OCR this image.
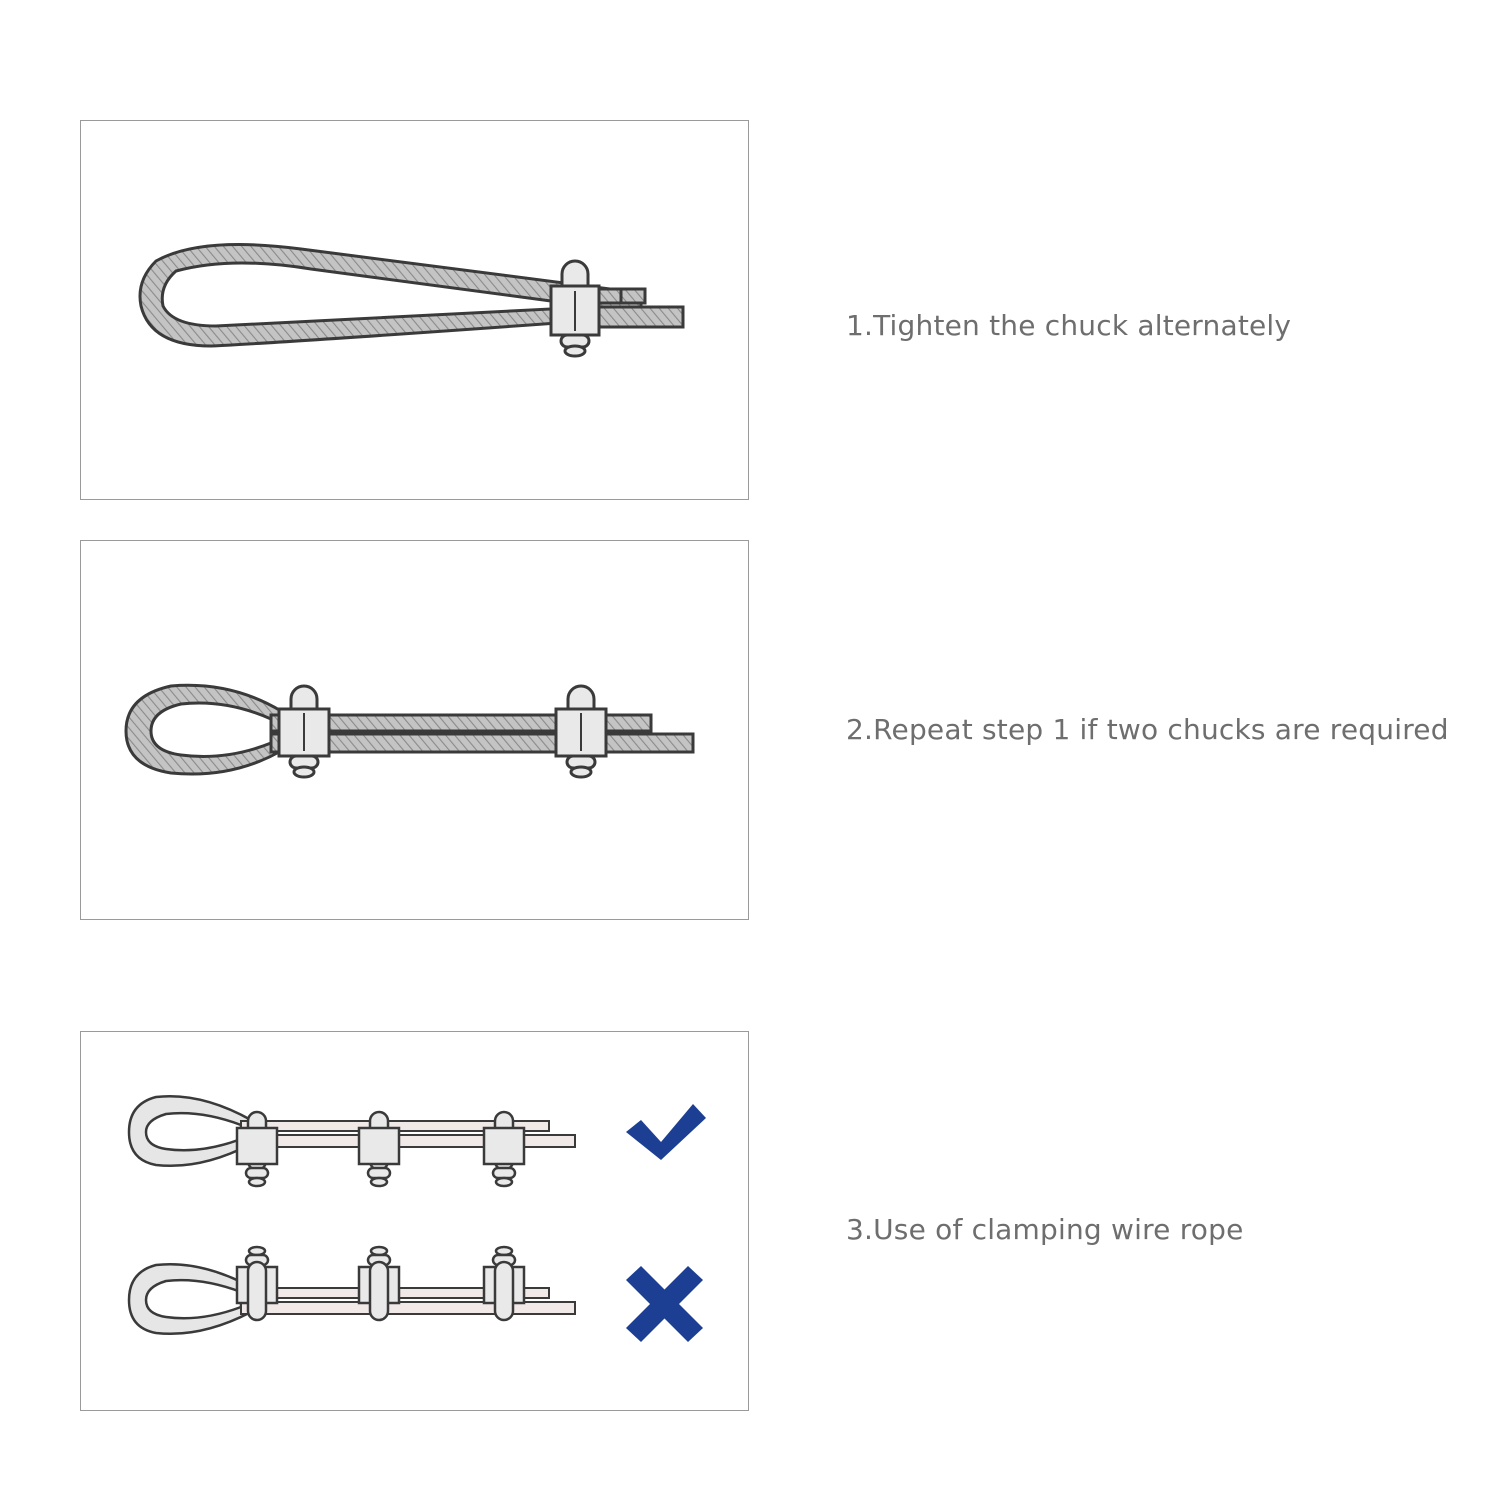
1.Tighten the chuck alternately
2.Repeat step 1 if two chucks are required
3.Use of clamping wire rope
